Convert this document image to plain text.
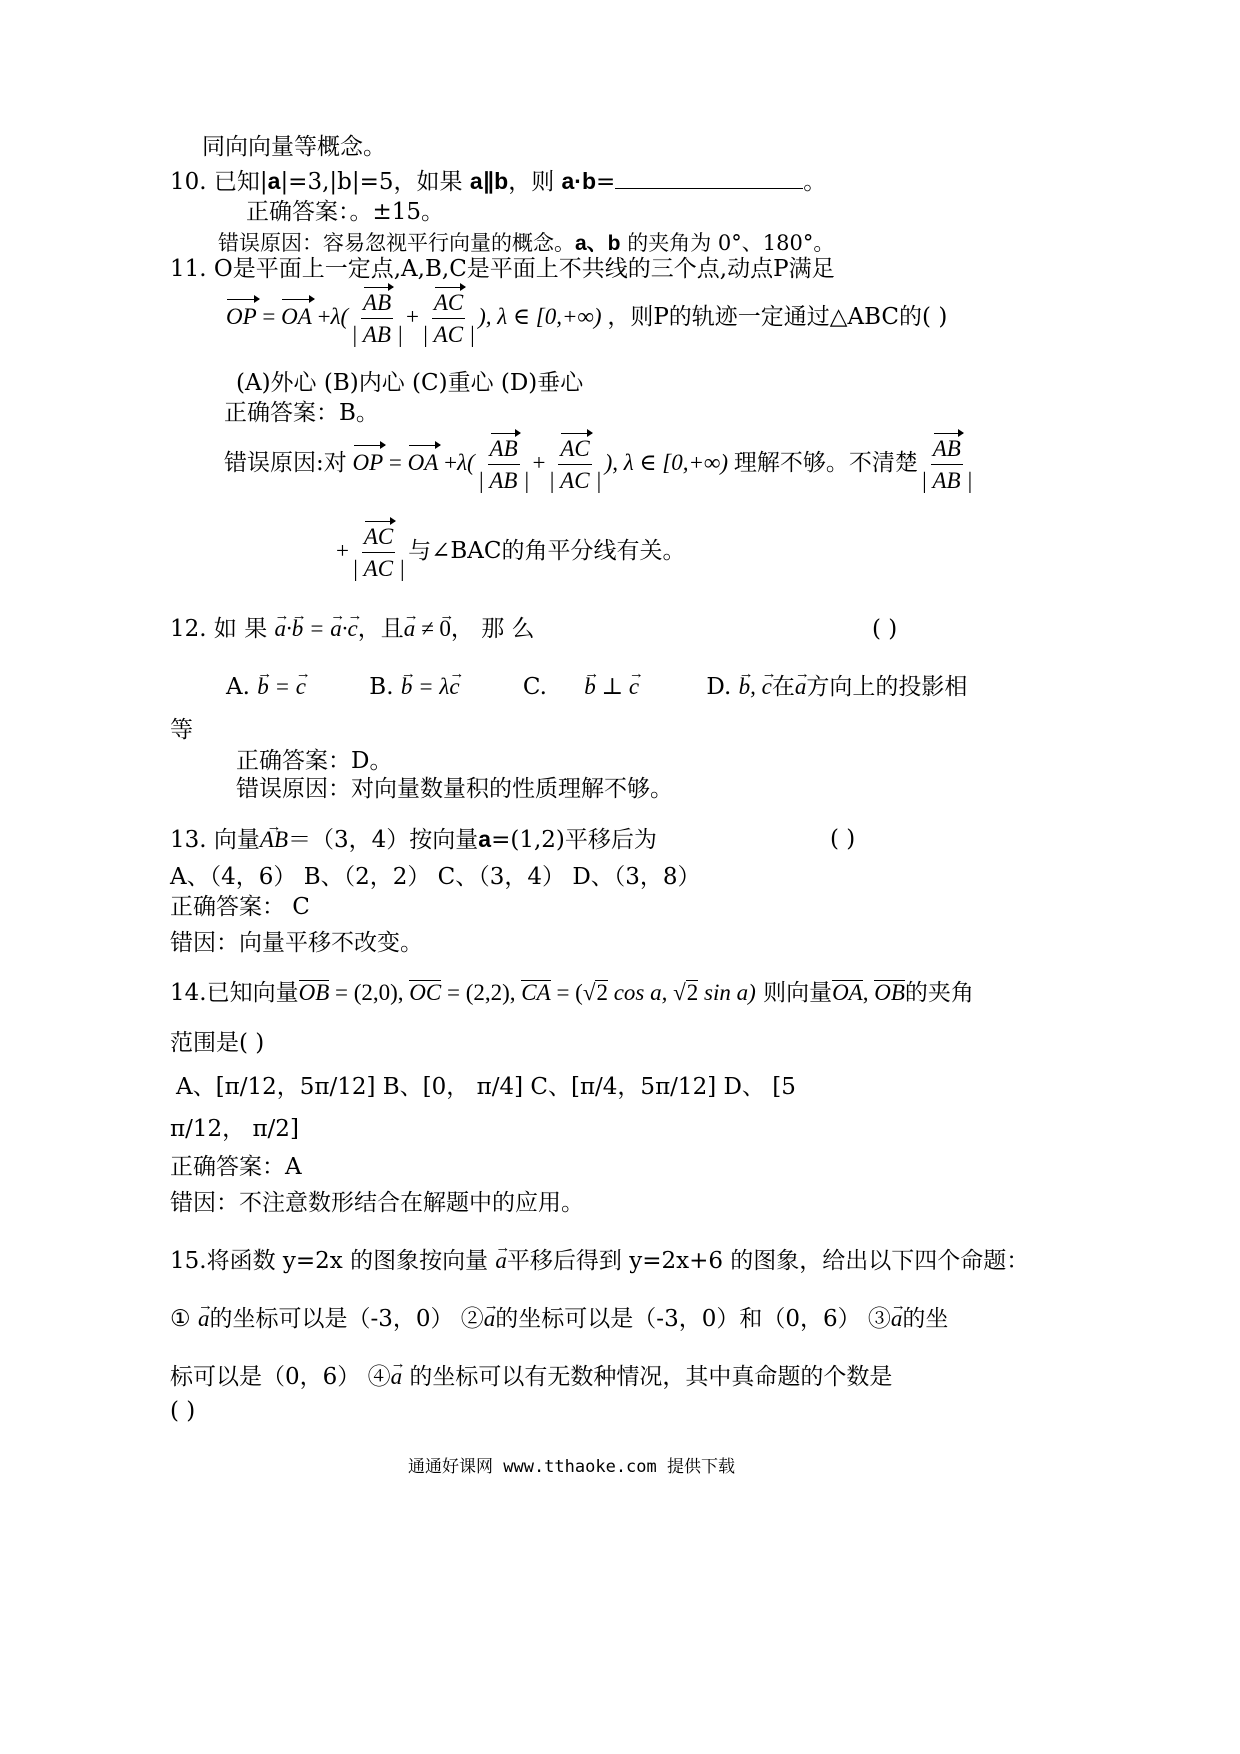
同向向量等概念。
10. 已知|a|=3,|b|=5，如果 a∥b，则 a·b=	。
正确答案：。±15。
错误原因：容易忽视平行向量的概念。a、b 的夹角为 0°、180°。
11. O是平面上一定点,A,B,C是平面上不共线的三个点,动点P满足
OP = OA $+\lambda( \frac{AB}{| AB |} + \frac{AC}{| AC |}$ ), λ ∈ [0,+∞) ，则P的轨迹一定通过△ABC的( )
(A)外心 (B)内心 (C)重心 (D)垂心
正确答案：B。
错误原因:对 OP = OA $+\lambda( \frac{AB}{| AB |} + \frac{AC}{| AC |}$ ), λ ∈ [0,+∞) 理解不够。不清楚 $\frac{AB}{| AB |}$
+ $\frac{AC}{| AC |}$ 与∠BAC的角平分线有关。
12. 如 果 a →·b → = a →·c →，且a → ≠ 0 →， 那 么	( )
A. b → = c →	B. b → = λc →	C. b → ⊥ c →	D. b →, c →在a →方向上的投影相
等
正确答案：D。
错误原因：对向量数量积的性质理解不够。
13. 向量AB →＝（3，4）按向量a=(1,2)平移后为	( )
A、（4，6） B、（2，2） C、（3，4） D、（3，8）
正确答案： C
错因：向量平移不改变。
14.已知向量OB = (2,0), OC = (2,2), CA = (√2 cos a, √2 sin a) 则向量OA, OB的夹角
范围是( )
A、[π/12，5π/12] B、[0， π/4] C、[π/4，5π/12] D、 [5
π/12， π/2]
正确答案：A
错因：不注意数形结合在解题中的应用。
15.将函数 y=2x 的图象按向量 a →平移后得到 y=2x+6 的图象，给出以下四个命题：
① a →的坐标可以是（-3，0） ②a →的坐标可以是（-3，0）和（0，6） ③a →的坐
标可以是（0，6） ④a → 的坐标可以有无数种情况，其中真命题的个数是
( )
通通好课网 www.tthaoke.com 提供下载
